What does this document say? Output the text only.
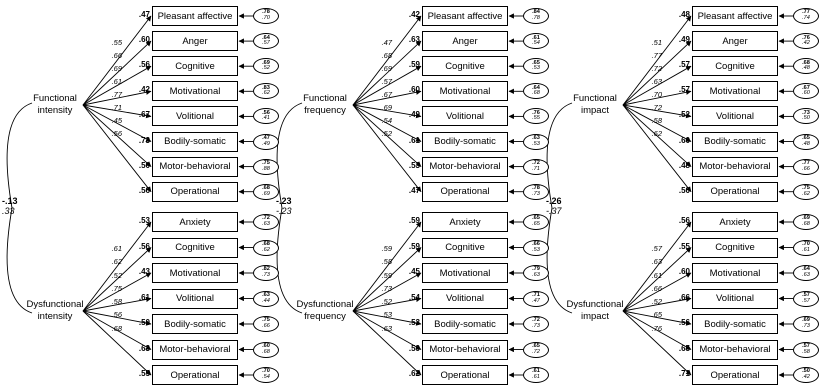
Functional
intensity
Dysfunctional
intensity
-.13
.33
Pleasant affective	.78
.70
.47
.55	Anger	.64
.57
.60
.66
Cognitive	.69
.52
.56
.69
Motivational	.83
.62
.42
.61
Volitional	.56
.41
.67
.77
Bodily-somatic	.47
.49
.73
.71
Motor-behavioral	.75
.88
.50
.45
Operational	.68
.69
.56
.56
Anxiety	.72
.63
.53
.61	Cognitive	.68
.62
.56
.62
Motivational	.82
.73
.43
.52
Volitional	.63
.44
.61
.75
Bodily-somatic	.75
.66
.50
.58
Motor-behavioral	.60
.68
.63
.56
Operational	.70
.54
.55
.68
Functional
frequency
Dysfunctional
frequency
-.23
-.23
Pleasant affective	.84
.78
.42
.47	Anger	.61
.54
.63
.68
Cognitive	.65
.53
.59
.69
Motivational	.64
.68
.60
.57
Volitional	.76
.55
.49
.67
Bodily-somatic	.63
.53
.61
.69
Motor-behavioral	.72
.71
.53
.54
Operational	.78
.73
.47
.52
Anxiety	.65
.65
.59
.59	Cognitive	.66
.53
.59
.58
Motivational	.79
.63
.45
.59
Volitional	.71
.47
.54
.73
Bodily-somatic	.72
.73
.53
.52
Motor-behavioral	.65
.72
.59
.53
Operational	.61
.61
.62
.63
Functional
impact
Dysfunctional
impact
-.26
-.37
Pleasant affective	.77
.74
.48
.51	Anger	.76
.42
.49
.77
Cognitive	.68
.48
.57
.72
Motivational	.67
.60
.57
.63
Volitional	.73
.50
.52
.70
Bodily-somatic	.65
.48
.60
.72
Motor-behavioral	.77
.66
.48
.58
Operational	.75
.62
.50
.62
Anxiety	.69
.68
.56
.57	Cognitive	.70
.61
.55
.63
Motivational	.64
.63
.60
.61
Volitional	.57
.57
.66
.66
Bodily-somatic	.69
.73
.56
.52
Motor-behavioral	.57
.58
.65
.65
Operational	.50
.42
.71
.76
